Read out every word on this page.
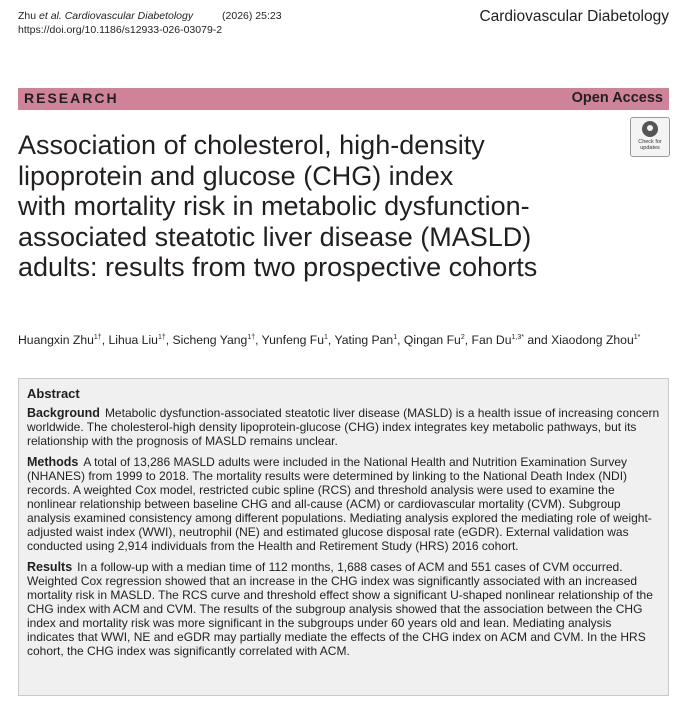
Zhu et al. Cardiovascular Diabetology	(2026) 25:23
https://doi.org/10.1186/s12933-026-03079-2
Cardiovascular Diabetology
RESEARCH	Open Access
Check for
updates
Association of cholesterol, high-density
lipoprotein and glucose (CHG) index
with mortality risk in metabolic dysfunction-
associated steatotic liver disease (MASLD)
adults: results from two prospective cohorts
Huangxin Zhu$^{1\dagger}$, Lihua Liu$^{1\dagger}$, Sicheng Yang$^{1\dagger}$, Yunfeng Fu$^1$, Yating Pan$^1$, Qingan Fu$^2$, Fan $Du^{1,3*}$ and Xiaodong Zhou$^{1*}$
Abstract

Background Metabolic dysfunction-associated steatotic liver disease (MASLD) is a health issue of increasing concern worldwide. The cholesterol-high density lipoprotein-glucose (CHG) index integrates key metabolic pathways, but its relationship with the prognosis of MASLD remains unclear.

Methods A total of 13,286 MASLD adults were included in the National Health and Nutrition Examination Survey (NHANES) from 1999 to 2018. The mortality results were determined by linking to the National Death Index (NDI) records. A weighted Cox model, restricted cubic spline (RCS) and threshold analysis were used to examine the nonlinear relationship between baseline CHG and all-cause (ACM) or cardiovascular mortality (CVM). Subgroup analysis examined consistency among different populations. Mediating analysis explored the mediating role of weight-adjusted waist index (WWI), neutrophil (NE) and estimated glucose disposal rate (eGDR). External validation was conducted using 2,914 individuals from the Health and Retirement Study (HRS) 2016 cohort.

Results In a follow-up with a median time of 112 months, 1,688 cases of ACM and 551 cases of CVM occurred. Weighted Cox regression showed that an increase in the CHG index was significantly associated with an increased mortality risk in MASLD. The RCS curve and threshold effect show a significant U-shaped nonlinear relationship of the CHG index with ACM and CVM. The results of the subgroup analysis showed that the association between the CHG index and mortality risk was more significant in the subgroups under 60 years old and lean. Mediating analysis indicates that WWI, NE and eGDR may partially mediate the effects of the CHG index on ACM and CVM. In the HRS cohort, the CHG index was significantly correlated with ACM.
